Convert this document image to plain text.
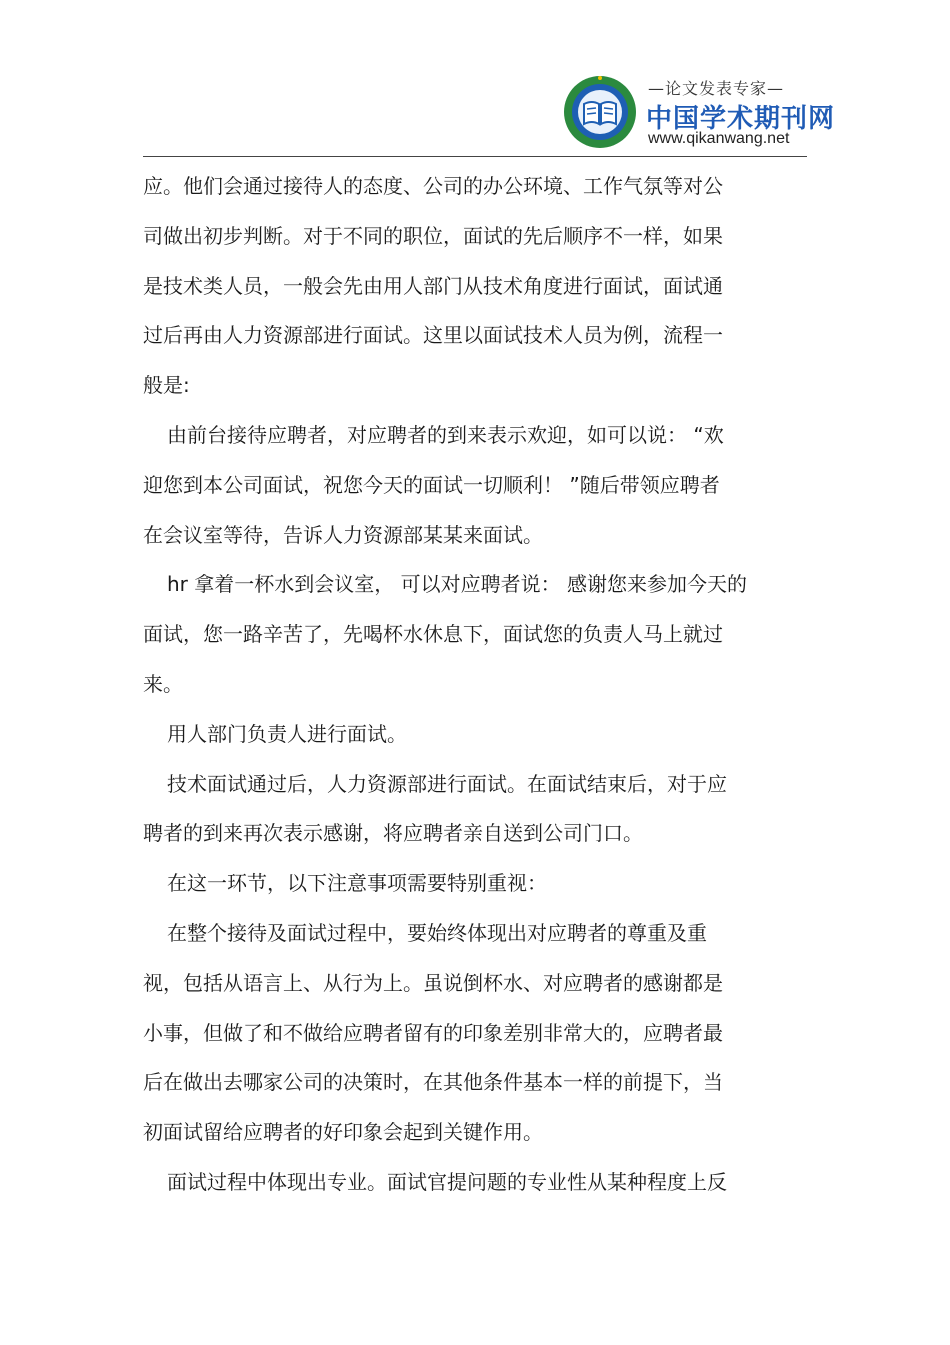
—论文发表专家—
中国学术期刊网
www.qikanwang.net
应。他们会通过接待人的态度、公司的办公环境、工作气氛等对公
司做出初步判断。对于不同的职位，面试的先后顺序不一样，如果
是技术类人员，一般会先由用人部门从技术角度进行面试，面试通
过后再由人力资源部进行面试。这里以面试技术人员为例，流程一
般是:
由前台接待应聘者，对应聘者的到来表示欢迎，如可以说： “欢
迎您到本公司面试，祝您今天的面试一切顺利！ ”随后带领应聘者
在会议室等待，告诉人力资源部某某来面试。
hr 拿着一杯水到会议室， 可以对应聘者说： 感谢您来参加今天的
面试，您一路辛苦了，先喝杯水休息下，面试您的负责人马上就过
来。
用人部门负责人进行面试。
技术面试通过后，人力资源部进行面试。在面试结束后，对于应
聘者的到来再次表示感谢，将应聘者亲自送到公司门口。
在这一环节，以下注意事项需要特别重视：
在整个接待及面试过程中，要始终体现出对应聘者的尊重及重
视，包括从语言上、从行为上。虽说倒杯水、对应聘者的感谢都是
小事，但做了和不做给应聘者留有的印象差别非常大的，应聘者最
后在做出去哪家公司的决策时，在其他条件基本一样的前提下，当
初面试留给应聘者的好印象会起到关键作用。
面试过程中体现出专业。面试官提问题的专业性从某种程度上反
